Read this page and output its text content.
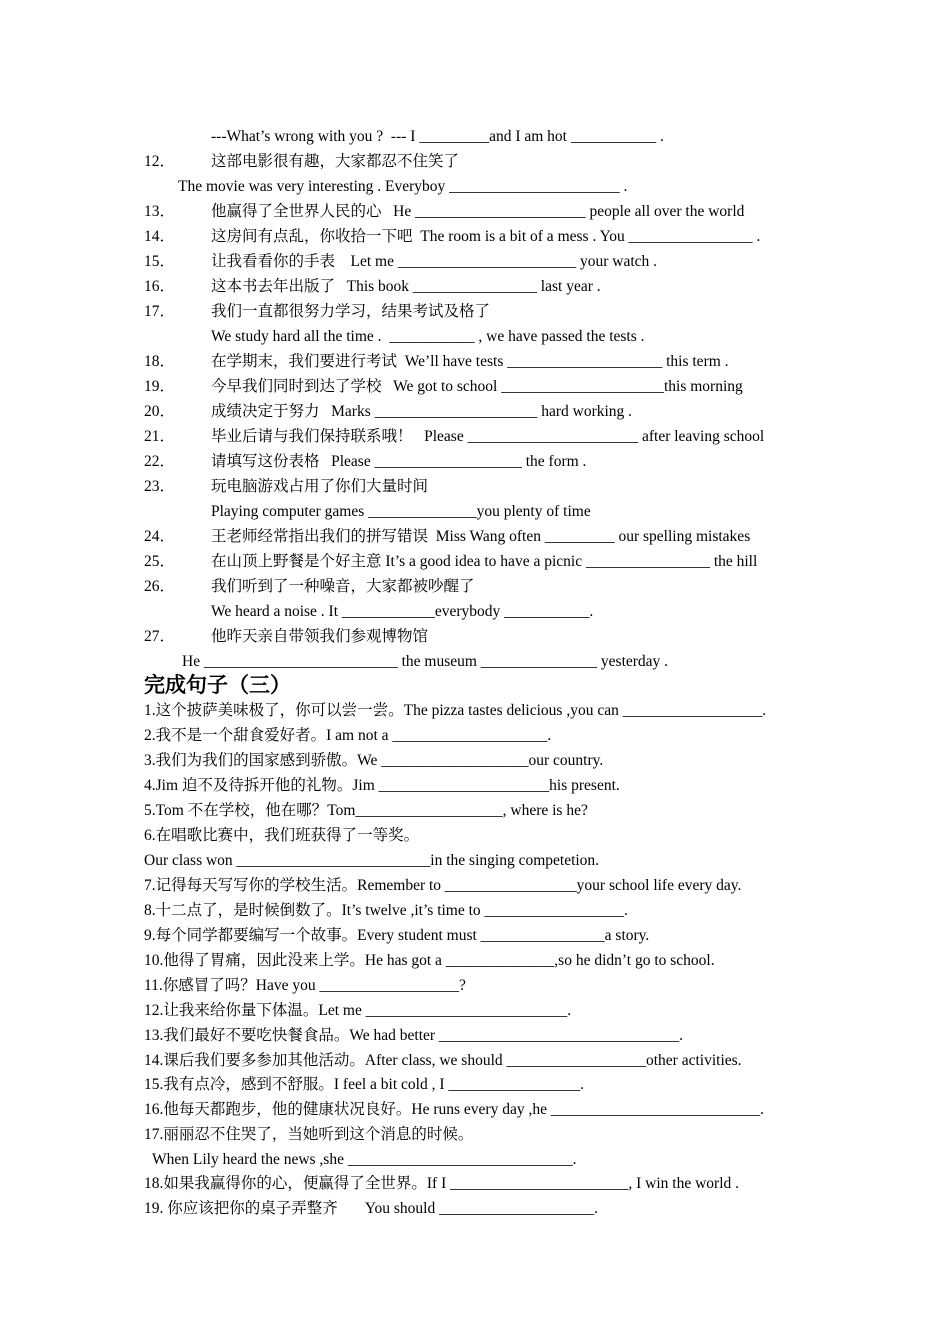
---What’s wrong with you ?  --- I _________and I am hot ___________ .
12． 这部电影很有趣，大家都忍不住笑了
The movie was very interesting . Everyboy ______________________ .
13． 他赢得了全世界人民的心   He ______________________ people all over the world
14． 这房间有点乱，你收拾一下吧  The room is a bit of a mess . You ________________ .
15． 让我看看你的手表    Let me _______________________ your watch .
16． 这本书去年出版了   This book ________________ last year .
17． 我们一直都很努力学习，结果考试及格了
We study hard all the time .  ___________ , we have passed the tests .
18． 在学期末，我们要进行考试  We’ll have tests ____________________ this term .
19． 今早我们同时到达了学校   We got to school _____________________this morning
20． 成绩决定于努力   Marks _____________________ hard working .
21． 毕业后请与我们保持联系哦！   Please ______________________ after leaving school
22． 请填写这份表格   Please ___________________ the form .
23． 玩电脑游戏占用了你们大量时间
Playing computer games ______________you plenty of time
24． 王老师经常指出我们的拼写错误  Miss Wang often _________ our spelling mistakes
25． 在山顶上野餐是个好主意 It’s a good idea to have a picnic ________________ the hill
26． 我们听到了一种噪音，大家都被吵醒了
We heard a noise . It ____________everybody ___________.
27． 他昨天亲自带领我们参观博物馆
He _________________________ the museum _______________ yesterday .
完成句子（三）
1.这个披萨美味极了，你可以尝一尝。The pizza tastes delicious ,you can __________________.
2.我不是一个甜食爱好者。I am not a ____________________.
3.我们为我们的国家感到骄傲。We ___________________our country.
4.Jim 迫不及待拆开他的礼物。Jim ______________________his present.
5.Tom 不在学校，他在哪？Tom___________________, where is he?
6.在唱歌比赛中，我们班获得了一等奖。
Our class won _________________________in the singing competetion.
7.记得每天写写你的学校生活。Remember to _________________your school life every day.
8.十二点了，是时候倒数了。It’s twelve ,it’s time to __________________.
9.每个同学都要编写一个故事。Every student must ________________a story.
10.他得了胃痛，因此没来上学。He has got a ______________,so he didn’t go to school.
11.你感冒了吗？Have you __________________?
12.让我来给你量下体温。Let me __________________________.
13.我们最好不要吃快餐食品。We had better _______________________________.
14.课后我们要多参加其他活动。After class, we should __________________other activities.
15.我有点冷，感到不舒服。I feel a bit cold , I _________________.
16.他每天都跑步，他的健康状况良好。He runs every day ,he ___________________________.
17.丽丽忍不住哭了，当她听到这个消息的时候。
When Lily heard the news ,she _____________________________.
18.如果我赢得你的心，便赢得了全世界。If I _______________________, I win the world .
19. 你应该把你的桌子弄整齐       You should ____________________.
